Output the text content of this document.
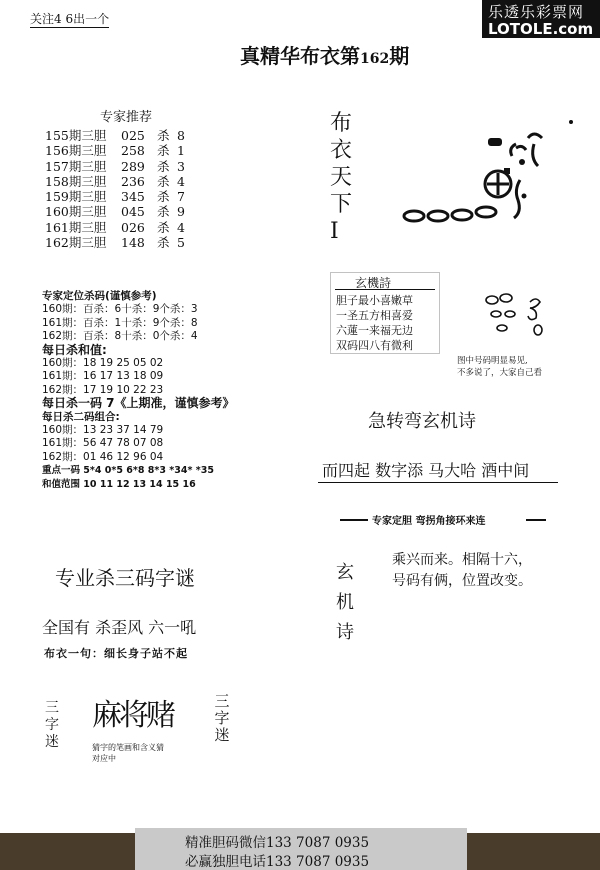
乐透乐彩票网
LOTOLE.com
关注4 6出一个
真精华布衣第162期
专家推荐
155期三胆 025 杀 8
156期三胆 258 杀 1
157期三胆 289 杀 3
158期三胆 236 杀 4
159期三胆 345 杀 7
160期三胆 045 杀 9
161期三胆 026 杀 4
162期三胆 148 杀 5
专家定位杀码(谨慎参考)
160期：百杀：6十杀：9个杀：3
161期：百杀：1十杀：9个杀：8
162期：百杀：8十杀：0个杀：4
每日杀和值:
160期：18 19 25 05 02
161期：16 17 13 18 09
162期：17 19 10 22 23
每日杀一码 7《上期准，谨慎参考》
每日杀二码组合:
160期：13 23 37 14 79
161期：56 47 78 07 08
162期：01 46 12 96 04
重点一码 5*4 0*5 6*8 8*3 *34* *35
和值范围 10 11 12 13 14 15 16
专业杀三码字谜
全国有 杀歪风 六一吼
布衣一句：细长身子站不起
三字迷
麻将赌
猜字的笔画和含义猜
对应中
三字迷
布衣天下I
玄機詩
胆子最小喜嫩草
一圣五方相喜爱
六蓮一来福无边
双码四八有微利
图中号码明显易见,
不多说了，大家自己看
急转弯玄机诗
而四起 数字添 马大哈 酒中间
专家定胆 弯拐角接环来连
玄机诗
乘兴而来。相隔十六，
号码有俩，位置改变。
精准胆码微信133 7087 0935
必赢独胆电话133 7087 0935
